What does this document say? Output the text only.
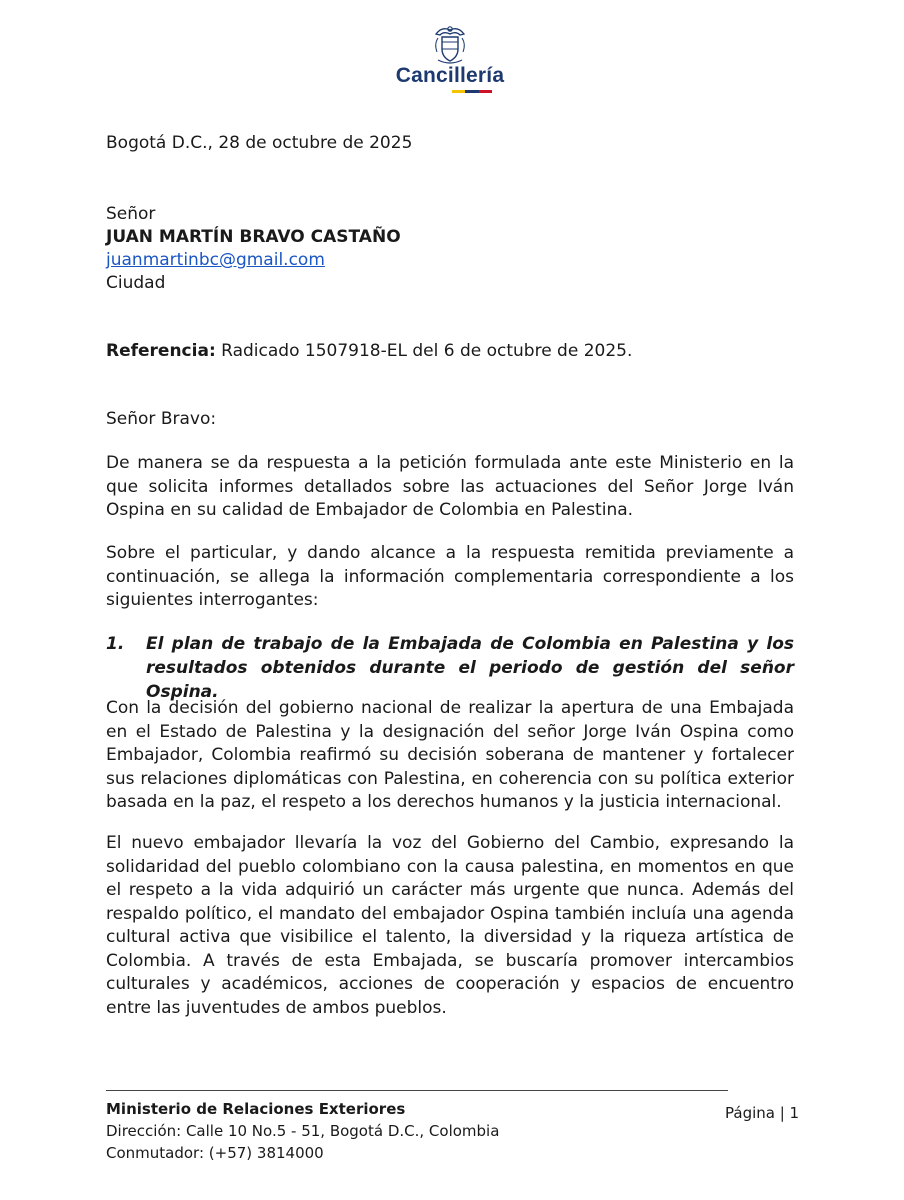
Cancillería

Bogotá D.C., 28 de octubre de 2025

Señor

JUAN MARTÍN BRAVO CASTAÑO

juanmartinbc@gmail.com

Ciudad

Referencia: Radicado 1507918-EL del 6 de octubre de 2025.

Señor Bravo:

De manera se da respuesta a la petición formulada ante este Ministerio en la que solicita informes detallados sobre las actuaciones del Señor Jorge Iván Ospina en su calidad de Embajador de Colombia en Palestina.

Sobre el particular, y dando alcance a la respuesta remitida previamente a continuación, se allega la información complementaria correspondiente a los siguientes interrogantes:

1. El plan de trabajo de la Embajada de Colombia en Palestina y los resultados obtenidos durante el periodo de gestión del señor Ospina.

Con la decisión del gobierno nacional de realizar la apertura de una Embajada en el Estado de Palestina y la designación del señor Jorge Iván Ospina como Embajador, Colombia reafirmó su decisión soberana de mantener y fortalecer sus relaciones diplomáticas con Palestina, en coherencia con su política exterior basada en la paz, el respeto a los derechos humanos y la justicia internacional.

El nuevo embajador llevaría la voz del Gobierno del Cambio, expresando la solidaridad del pueblo colombiano con la causa palestina, en momentos en que el respeto a la vida adquirió un carácter más urgente que nunca. Además del respaldo político, el mandato del embajador Ospina también incluía una agenda cultural activa que visibilice el talento, la diversidad y la riqueza artística de Colombia. A través de esta Embajada, se buscaría promover intercambios culturales y académicos, acciones de cooperación y espacios de encuentro entre las juventudes de ambos pueblos.

Ministerio de Relaciones Exteriores
Dirección: Calle 10 No.5 - 51, Bogotá D.C., Colombia
Conmutador: (+57) 3814000
Página | 1
